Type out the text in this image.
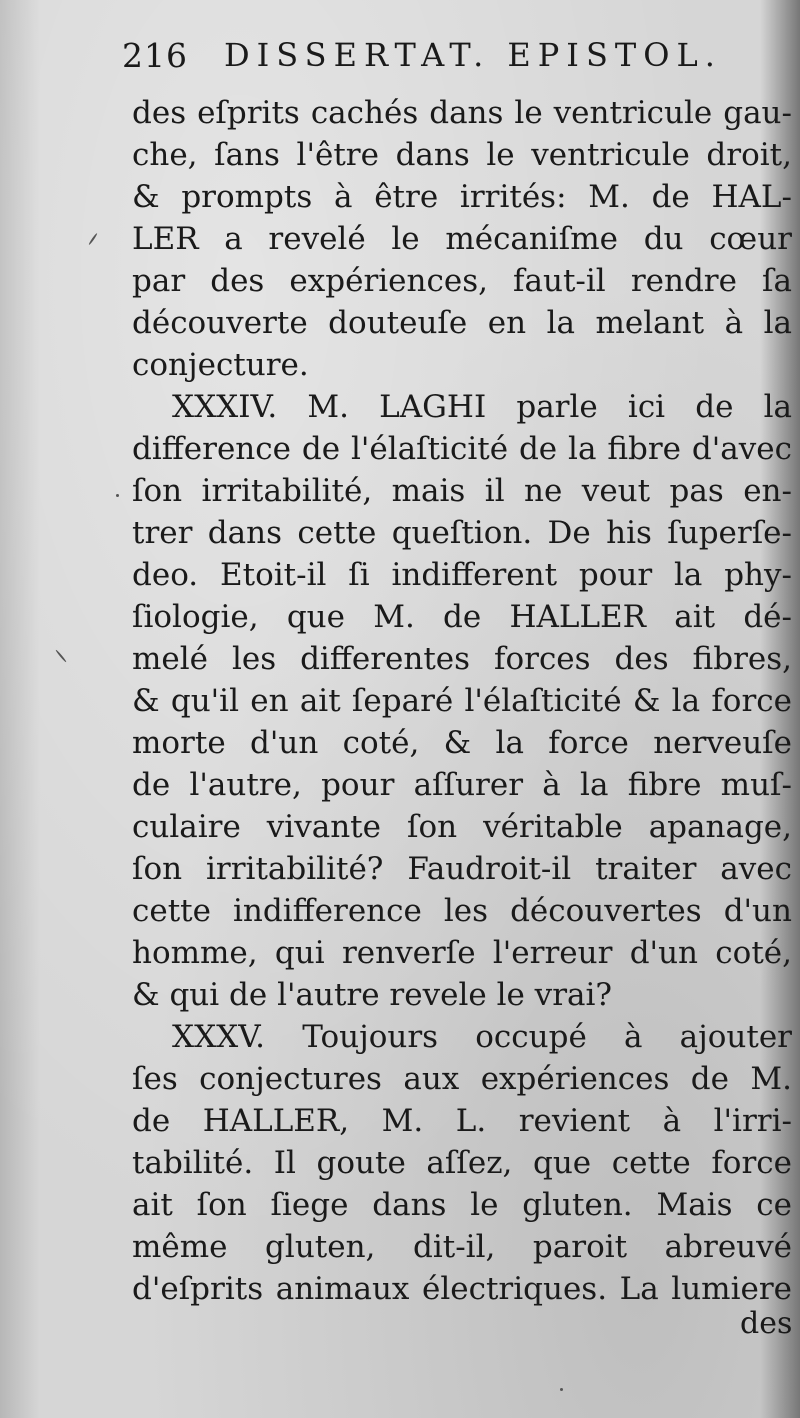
216 DISSERTAT. EPISTOL.
des eſprits cachés dans le ventricule gau-
che, ſans l'être dans le ventricule droit,
& prompts à être irrités: M. de HAL-
LER a revelé le mécaniſme du cœur
par des expériences, faut-il rendre ſa
découverte douteuſe en la melant à la
conjecture.
XXXIV. M. LAGHI parle ici de la
difference de l'élaſticité de la fibre d'avec
ſon irritabilité, mais il ne veut pas en-
trer dans cette queſtion. De his ſuperſe-
deo. Etoit-il ſi indifferent pour la phy-
ſiologie, que M. de HALLER ait dé-
melé les differentes forces des fibres,
& qu'il en ait ſeparé l'élaſticité & la force
morte d'un coté, & la force nerveuſe
de l'autre, pour aſſurer à la fibre muſ-
culaire vivante ſon véritable apanage,
ſon irritabilité? Faudroit-il traiter avec
cette indifference les découvertes d'un
homme, qui renverſe l'erreur d'un coté,
& qui de l'autre revele le vrai?
XXXV. Toujours occupé à ajouter
ſes conjectures aux expériences de M.
de HALLER, M. L. revient à l'irri-
tabilité. Il goute aſſez, que cette force
ait ſon ſiege dans le gluten. Mais ce
même gluten, dit-il, paroit abreuvé
d'eſprits animaux électriques. La lumiere
des
